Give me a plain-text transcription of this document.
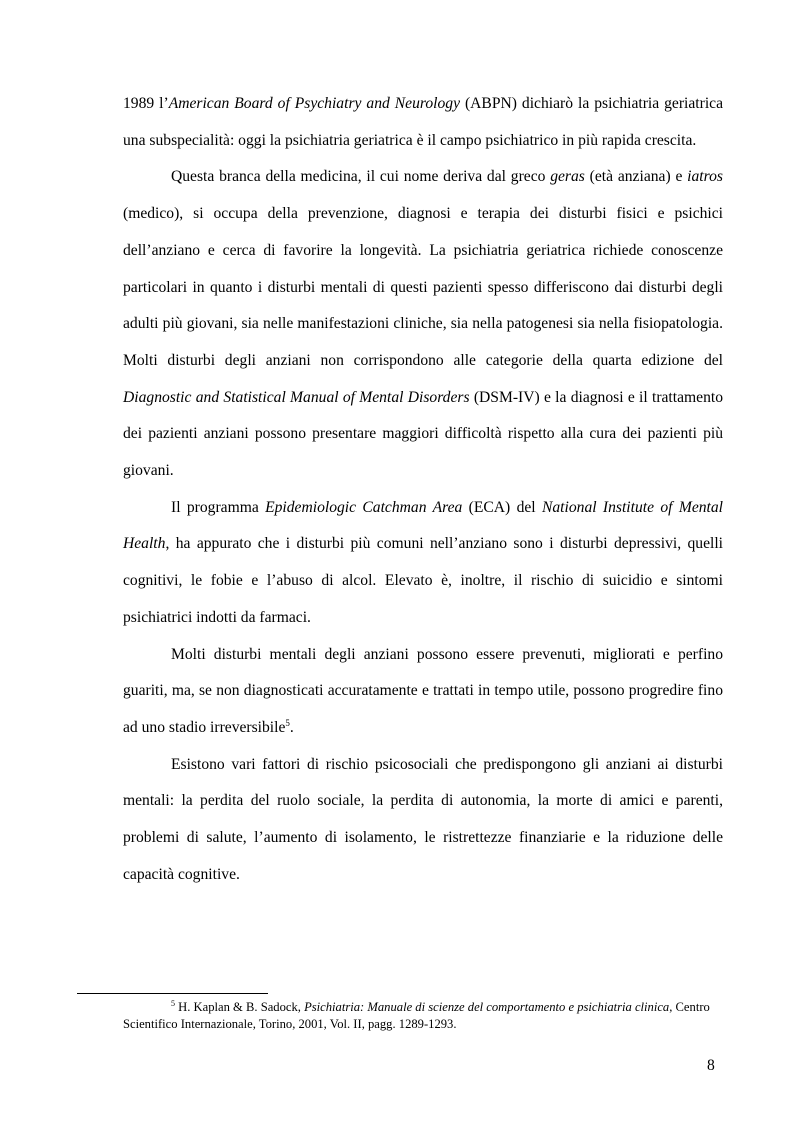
1989 l’American Board of Psychiatry and Neurology (ABPN) dichiarò la psichiatria geriatrica una subspecialità: oggi la psichiatria geriatrica è il campo psichiatrico in più rapida crescita.

Questa branca della medicina, il cui nome deriva dal greco geras (età anziana) e iatros (medico), si occupa della prevenzione, diagnosi e terapia dei disturbi fisici e psichici dell’anziano e cerca di favorire la longevità. La psichiatria geriatrica richiede conoscenze particolari in quanto i disturbi mentali di questi pazienti spesso differiscono dai disturbi degli adulti più giovani, sia nelle manifestazioni cliniche, sia nella patogenesi sia nella fisiopatologia. Molti disturbi degli anziani non corrispondono alle categorie della quarta edizione del Diagnostic and Statistical Manual of Mental Disorders (DSM-IV) e la diagnosi e il trattamento dei pazienti anziani possono presentare maggiori difficoltà rispetto alla cura dei pazienti più giovani.

Il programma Epidemiologic Catchman Area (ECA) del National Institute of Mental Health, ha appurato che i disturbi più comuni nell’anziano sono i disturbi depressivi, quelli cognitivi, le fobie e l’abuso di alcol. Elevato è, inoltre, il rischio di suicidio e sintomi psichiatrici indotti da farmaci.

Molti disturbi mentali degli anziani possono essere prevenuti, migliorati e perfino guariti, ma, se non diagnosticati accuratamente e trattati in tempo utile, possono progredire fino ad uno stadio irreversibile$^5$.

Esistono vari fattori di rischio psicosociali che predispongono gli anziani ai disturbi mentali: la perdita del ruolo sociale, la perdita di autonomia, la morte di amici e parenti, problemi di salute, l’aumento di isolamento, le ristrettezze finanziarie e la riduzione delle capacità cognitive.

$^5$ H. Kaplan & B. Sadock, Psichiatria: Manuale di scienze del comportamento e psichiatria clinica, Centro Scientifico Internazionale, Torino, 2001, Vol. II, pagg. 1289-1293.
8
